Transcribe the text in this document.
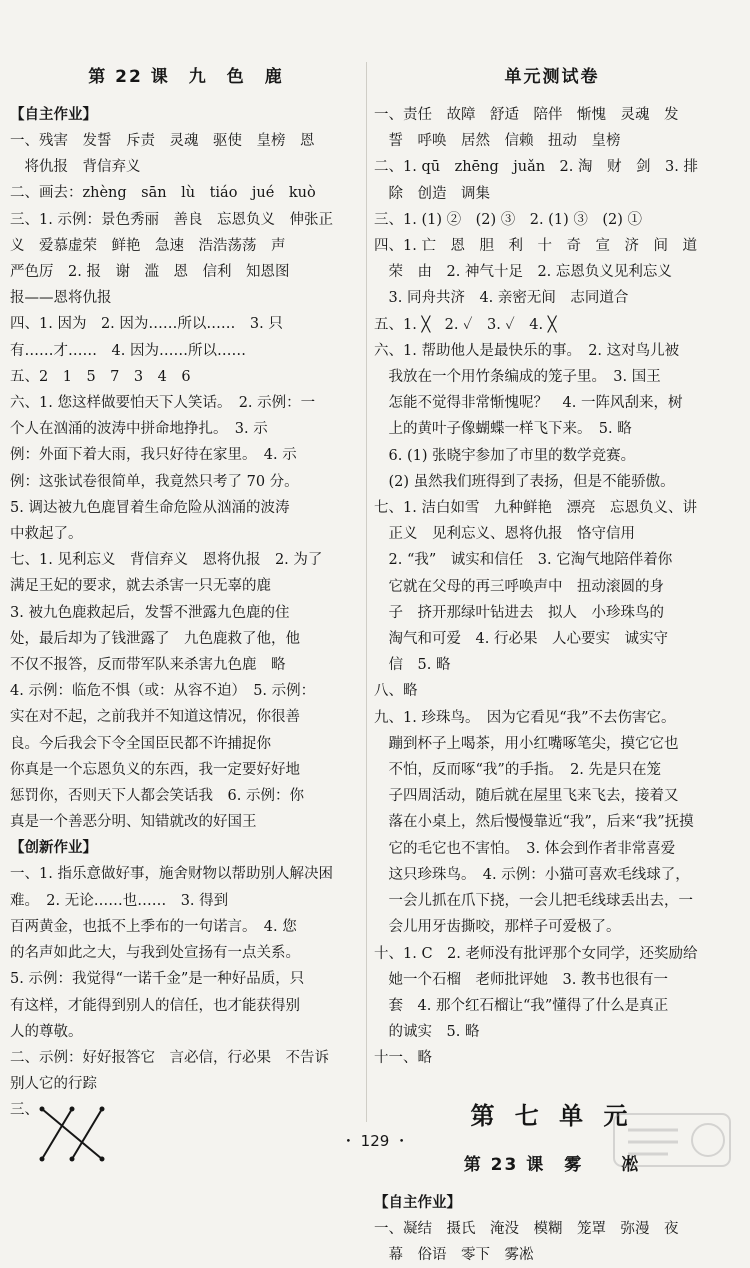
第 22 课　九　色　鹿
【自主作业】
一、残害　发誓　斥责　灵魂　驱使　皇榜　恩
　将仇报　背信弃义
二、画去：zhèng　sān　lù　tiáo　jué　kuò
三、1. 示例：景色秀丽　善良　忘恩负义　伸张正
义　爱慕虚荣　鲜艳　急速　浩浩荡荡　声
严色厉　2. 报　谢　滥　恩　信利　知恩图
报——恩将仇报
四、1. 因为　2. 因为……所以……　3. 只
有……才……　4. 因为……所以……
五、2　1　5　7　3　4　6
六、1. 您这样做要怕天下人笑话。　2. 示例：一
个人在汹涌的波涛中拼命地挣扎。　3. 示
例：外面下着大雨，我只好待在家里。　4. 示
例：这张试卷很简单，我竟然只考了 70 分。
5. 调达被九色鹿冒着生命危险从汹涌的波涛
中救起了。
七、1. 见利忘义　背信弃义　恩将仇报　2. 为了
满足王妃的要求，就去杀害一只无辜的鹿
3. 被九色鹿救起后，发誓不泄露九色鹿的住
处，最后却为了钱泄露了　九色鹿救了他，他
不仅不报答，反而带军队来杀害九色鹿　略
4. 示例：临危不惧（或：从容不迫）　5. 示例：
实在对不起，之前我并不知道这情况，你很善
良。今后我会下令全国臣民都不许捕捉你
你真是一个忘恩负义的东西，我一定要好好地
惩罚你，否则天下人都会笑话我　6. 示例：你
真是一个善恶分明、知错就改的好国王
【创新作业】
一、1. 指乐意做好事，施舍财物以帮助别人解决困
难。　2. 无论……也……　3. 得到
百两黄金，也抵不上季布的一句诺言。　4. 您
的名声如此之大，与我到处宣扬有一点关系。
5. 示例：我觉得“一诺千金”是一种好品质，只
有这样，才能得到别人的信任，也才能获得别
人的尊敬。
二、示例：好好报答它　言必信，行必果　不告诉
别人它的行踪
三、
单元测试卷
一、责任　故障　舒适　陪伴　惭愧　灵魂　发
　誓　呼唤　居然　信赖　扭动　皇榜
二、1. qū　zhēng　juǎn　2. 淘　财　剑　3. 排
　除　创造　调集
三、1. (1) ②　(2) ③　2. (1) ③　(2) ①
四、1. 亡　恩　胆　利　十　奇　宣　济　间　道
　荣　由　2. 神气十足　2. 忘恩负义见利忘义
　3. 同舟共济　4. 亲密无间　志同道合
五、1. ╳　2. ✓　3. ✓　4. ╳
六、1. 帮助他人是最快乐的事。　2. 这对鸟儿被
　我放在一个用竹条编成的笼子里。　3. 国王
　怎能不觉得非常惭愧呢？　4. 一阵风刮来，树
　上的黄叶子像蝴蝶一样飞下来。　5. 略
　6. (1) 张晓宇参加了市里的数学竞赛。
　(2) 虽然我们班得到了表扬，但是不能骄傲。
七、1. 洁白如雪　九种鲜艳　漂亮　忘恩负义、讲
　正义　见利忘义、恩将仇报　恪守信用
　2. “我”　诚实和信任　3. 它淘气地陪伴着你
　它就在父母的再三呼唤声中　扭动滚圆的身
　子　挤开那绿叶钻进去　拟人　小珍珠鸟的
　淘气和可爱　4. 行必果　人心要实　诚实守
　信　5. 略
八、略
九、1. 珍珠鸟。　因为它看见“我”不去伤害它。
　蹦到杯子上喝茶，用小红嘴啄笔尖，摸它它也
　不怕，反而啄“我”的手指。　2. 先是只在笼
　子四周活动，随后就在屋里飞来飞去，接着又
　落在小桌上，然后慢慢靠近“我”，后来“我”抚摸
　它的毛它也不害怕。　3. 体会到作者非常喜爱
　这只珍珠鸟。　4. 示例：小猫可喜欢毛线球了，
　一会儿抓在爪下挠，一会儿把毛线球丢出去，一
　会儿用牙齿撕咬，那样子可爱极了。
十、1. C　2. 老师没有批评那个女同学，还奖励给
　她一个石榴　老师批评她　3. 教书也很有一
　套　4. 那个红石榴让“我”懂得了什么是真正
　的诚实　5. 略
十一、略
第 七 单 元
第 23 课　雾　　凇
【自主作业】
一、凝结　摄氏　淹没　模糊　笼罩　弥漫　夜
　幕　俗语　零下　雾凇
・ 129 ・
